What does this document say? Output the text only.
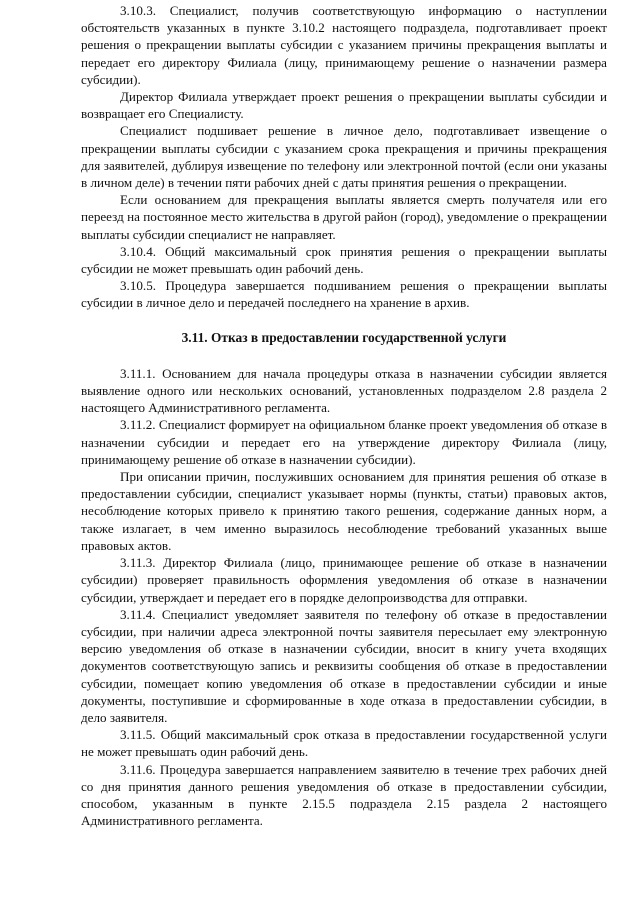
3.10.3. Специалист, получив соответствующую информацию о наступлении обстоятельств указанных в пункте 3.10.2 настоящего подраздела, подготавливает проект решения о прекращении выплаты субсидии с указанием причины прекращения выплаты и передает его директору Филиала (лицу, принимающему решение о назначении размера субсидии).

Директор Филиала утверждает проект решения о прекращении выплаты субсидии и возвращает его Специалисту.

Специалист подшивает решение в личное дело, подготавливает извещение о прекращении выплаты субсидии с указанием срока прекращения и причины прекращения для заявителей, дублируя извещение по телефону или электронной почтой (если они указаны в личном деле) в течении пяти рабочих дней с даты принятия решения о прекращении.

Если основанием для прекращения выплаты является смерть получателя или его переезд на постоянное место жительства в другой район (город), уведомление о прекращении выплаты субсидии специалист не направляет.

3.10.4. Общий максимальный срок принятия решения о прекращении выплаты субсидии не может превышать один рабочий день.

3.10.5. Процедура завершается подшиванием решения о прекращении выплаты субсидии в личное дело и передачей последнего на хранение в архив.

3.11. Отказ в предоставлении государственной услуги

3.11.1. Основанием для начала процедуры отказа в назначении субсидии является выявление одного или нескольких оснований, установленных подразделом 2.8 раздела 2 настоящего Административного регламента.

3.11.2. Специалист формирует на официальном бланке проект уведомления об отказе в назначении субсидии и передает его на утверждение директору Филиала (лицу, принимающему решение об отказе в назначении субсидии).

При описании причин, послуживших основанием для принятия решения об отказе в предоставлении субсидии, специалист указывает нормы (пункты, статьи) правовых актов, несоблюдение которых привело к принятию такого решения, содержание данных норм, а также излагает, в чем именно выразилось несоблюдение требований указанных выше правовых актов.

3.11.3. Директор Филиала (лицо, принимающее решение об отказе в назначении субсидии) проверяет правильность оформления уведомления об отказе в назначении субсидии, утверждает и передает его в порядке делопроизводства для отправки.

3.11.4. Специалист уведомляет заявителя по телефону об отказе в предоставлении субсидии, при наличии адреса электронной почты заявителя пересылает ему электронную версию уведомления об отказе в назначении субсидии, вносит в книгу учета входящих документов соответствующую запись и реквизиты сообщения об отказе в предоставлении субсидии, помещает копию уведомления об отказе в предоставлении субсидии и иные документы, поступившие и сформированные в ходе отказа в предоставлении субсидии, в дело заявителя.

3.11.5. Общий максимальный срок отказа в предоставлении государственной услуги не может превышать один рабочий день.

3.11.6. Процедура завершается направлением заявителю в течение трех рабочих дней со дня принятия данного решения уведомления об отказе в предоставлении субсидии, способом, указанным в пункте 2.15.5 подраздела 2.15 раздела 2 настоящего Административного регламента.
